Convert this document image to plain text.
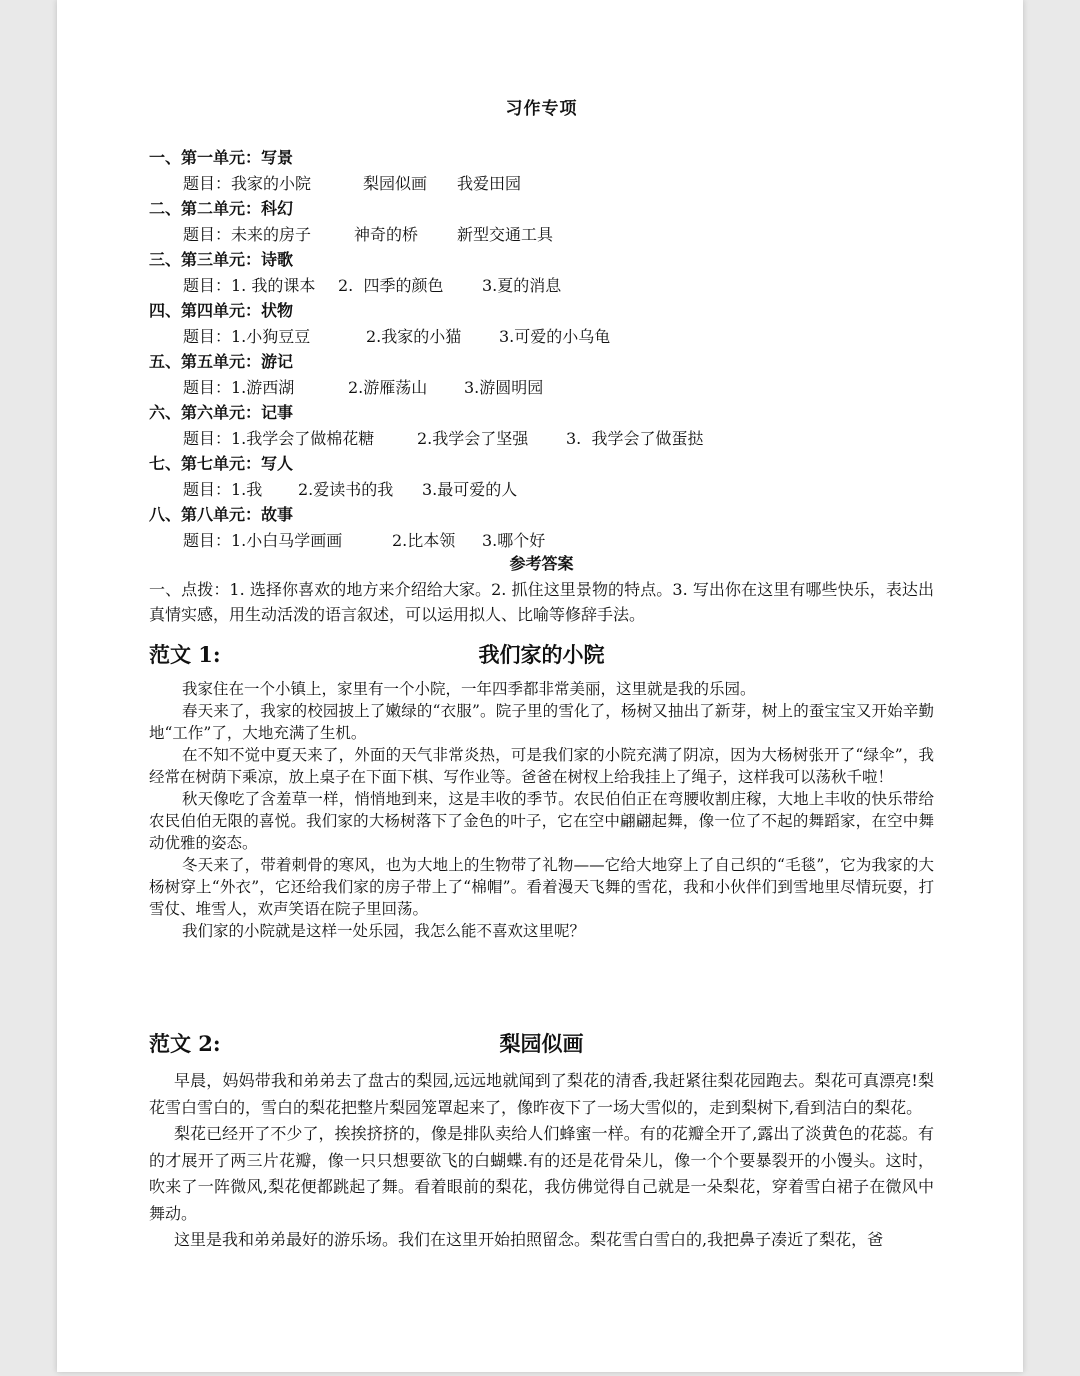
习作专项
一、第一单元：写景
题目：我家的小院	梨园似画 我爱田园
二、第二单元：科幻
题目：未来的房子	神奇的桥 新型交通工具
三、第三单元：诗歌
题目：1. 我的课本 2.  四季的颜色 3.夏的消息
四、第四单元：状物
题目：1.小狗豆豆	2.我家的小猫 3.可爱的小乌龟
五、第五单元：游记
题目：1.游西湖	2.游雁荡山 3.游圆明园
六、第六单元：记事
题目：1.我学会了做棉花糖	2.我学会了坚强 3.  我学会了做蛋挞
七、第七单元：写人
题目：1.我 2.爱读书的我 3.最可爱的人
八、第八单元：故事
题目：1.小白马学画画	2.比本领 3.哪个好
参考答案
一、点拨：1. 选择你喜欢的地方来介绍给大家。2. 抓住这里景物的特点。3. 写出你在这里有哪些快乐，表达出真情实感，用生动活泼的语言叙述，可以运用拟人、比喻等修辞手法。
我们家的小院
范文 1:

我家住在一个小镇上，家里有一个小院，一年四季都非常美丽，这里就是我的乐园。

春天来了，我家的校园披上了嫩绿的“衣服”。院子里的雪化了，杨树又抽出了新芽，树上的蚕宝宝又开始辛勤地“工作”了，大地充满了生机。

在不知不觉中夏天来了，外面的天气非常炎热，可是我们家的小院充满了阴凉，因为大杨树张开了“绿伞”，我经常在树荫下乘凉，放上桌子在下面下棋、写作业等。爸爸在树杈上给我挂上了绳子，这样我可以荡秋千啦！

秋天像吃了含羞草一样，悄悄地到来，这是丰收的季节。农民伯伯正在弯腰收割庄稼，大地上丰收的快乐带给农民伯伯无限的喜悦。我们家的大杨树落下了金色的叶子，它在空中翩翩起舞，像一位了不起的舞蹈家，在空中舞动优雅的姿态。

冬天来了，带着刺骨的寒风，也为大地上的生物带了礼物——它给大地穿上了自己织的“毛毯”，它为我家的大杨树穿上“外衣”，它还给我们家的房子带上了“棉帽”。看着漫天飞舞的雪花，我和小伙伴们到雪地里尽情玩耍，打雪仗、堆雪人，欢声笑语在院子里回荡。

我们家的小院就是这样一处乐园，我怎么能不喜欢这里呢？

梨园似画
范文 2:

早晨，妈妈带我和弟弟去了盘古的梨园,远远地就闻到了梨花的清香,我赶紧往梨花园跑去。梨花可真漂亮!梨花雪白雪白的，雪白的梨花把整片梨园笼罩起来了，像昨夜下了一场大雪似的，走到梨树下,看到洁白的梨花。

梨花已经开了不少了，挨挨挤挤的，像是排队卖给人们蜂蜜一样。有的花瓣全开了,露出了淡黄色的花蕊。有的才展开了两三片花瓣，像一只只想要欲飞的白蝴蝶.有的还是花骨朵儿，像一个个要暴裂开的小馒头。这时，吹来了一阵微风,梨花便都跳起了舞。看着眼前的梨花，我仿佛觉得自己就是一朵梨花，穿着雪白裙子在微风中舞动。

这里是我和弟弟最好的游乐场。我们在这里开始拍照留念。梨花雪白雪白的,我把鼻子凑近了梨花，爸
